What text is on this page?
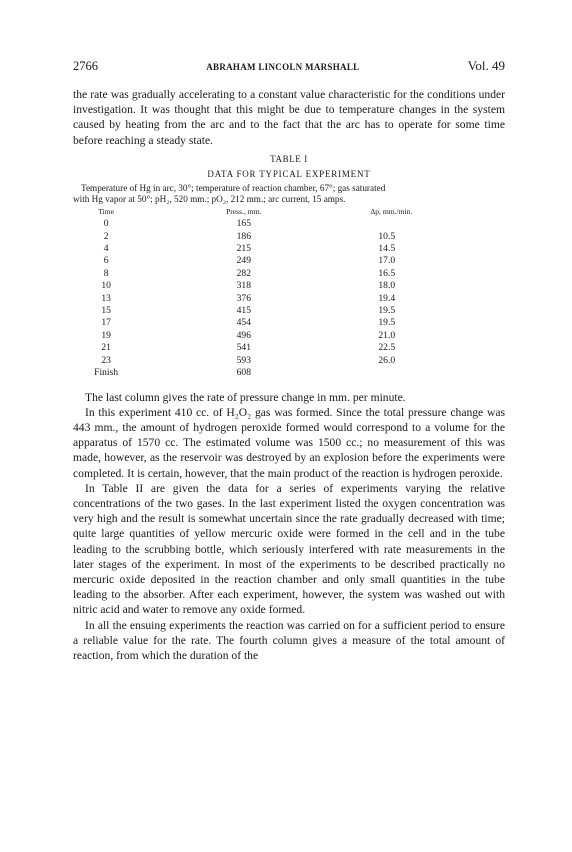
2766	ABRAHAM LINCOLN MARSHALL	Vol. 49

the rate was gradually accelerating to a constant value characteristic for the conditions under investigation. It was thought that this might be due to temperature changes in the system caused by heating from the arc and to the fact that the arc has to operate for some time before reaching a steady state.

TABLE I
DATA FOR TYPICAL EXPERIMENT
Temperature of Hg in arc, 30°; temperature of reaction chamber, 67°; gas saturated
with Hg vapor at 50°; pH₂, 520 mm.; pO₂, 212 mm.; arc current, 15 amps.
Time	Press., mm.	Δp, mm./min.
0	165	
2	186	10.5
4	215	14.5
6	249	17.0
8	282	16.5
10	318	18.0
13	376	19.4
15	415	19.5
17	454	19.5
19	496	21.0
21	541	22.5
23	593	26.0
Finish	608	

The last column gives the rate of pressure change in mm. per minute.

In this experiment 410 cc. of H₂O₂ gas was formed. Since the total pressure change was 443 mm., the amount of hydrogen peroxide formed would correspond to a volume for the apparatus of 1570 cc. The estimated volume was 1500 cc.; no measurement of this was made, however, as the reservoir was destroyed by an explosion before the experiments were completed. It is certain, however, that the main product of the reaction is hydrogen peroxide.

In Table II are given the data for a series of experiments varying the relative concentrations of the two gases. In the last experiment listed the oxygen concentration was very high and the result is somewhat uncertain since the rate gradually decreased with time; quite large quantities of yellow mercuric oxide were formed in the cell and in the tube leading to the scrubbing bottle, which seriously interfered with rate measurements in the later stages of the experiment. In most of the experiments to be described practically no mercuric oxide deposited in the reaction chamber and only small quantities in the tube leading to the absorber. After each experiment, however, the system was washed out with nitric acid and water to remove any oxide formed.

In all the ensuing experiments the reaction was carried on for a sufficient period to ensure a reliable value for the rate. The fourth column gives a measure of the total amount of reaction, from which the duration of the
